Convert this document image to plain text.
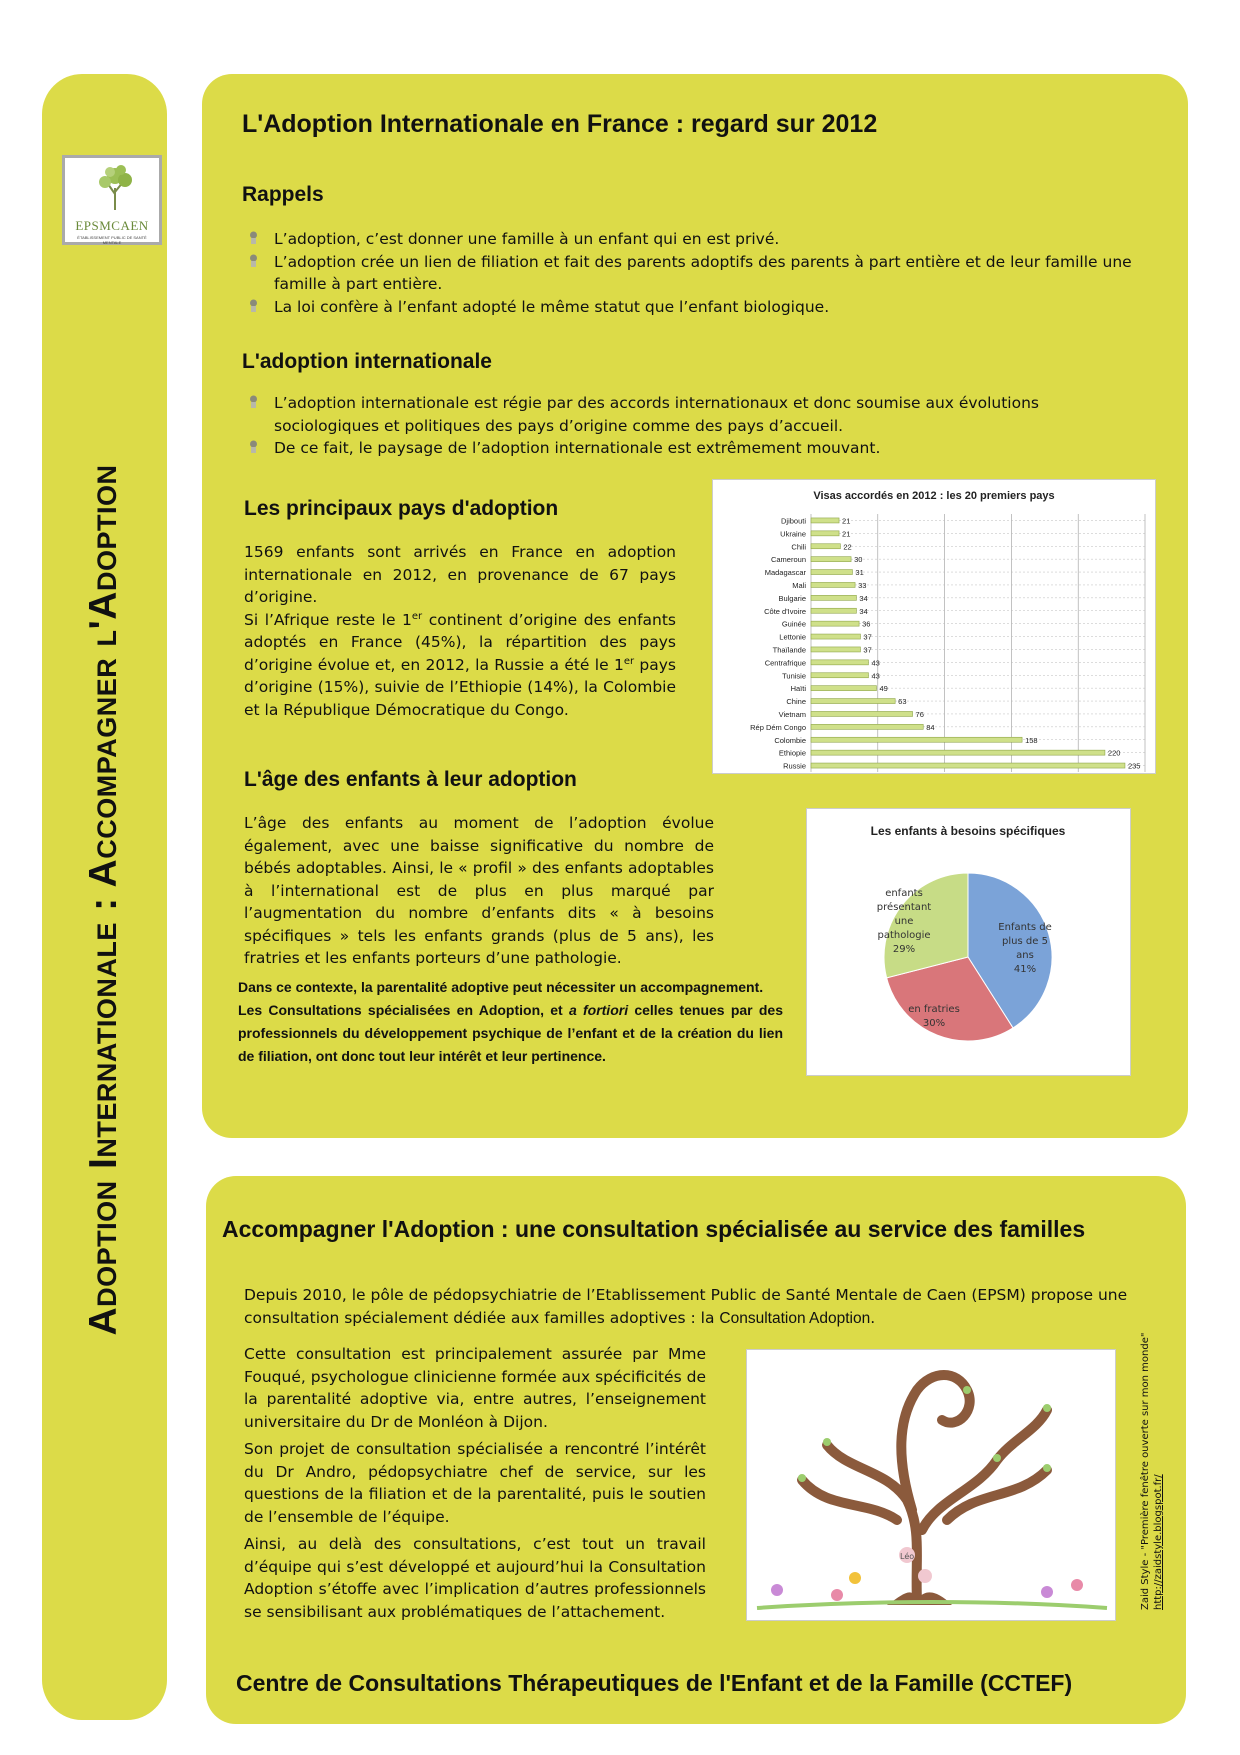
EPSMCAEN
ÉTABLISSEMENT PUBLIC DE SANTÉ MENTALE
Adoption Internationale : Accompagner l'Adoption
L'Adoption Internationale en France : regard sur 2012
Rappels
L’adoption, c’est donner une famille à un enfant qui en est privé.
L’adoption crée un lien de filiation et fait des parents adoptifs des parents à part entière et de leur famille une famille à part entière.
La loi confère à l’enfant adopté le même statut que l’enfant biologique.
L'adoption internationale
L’adoption internationale est régie par des accords internationaux et donc soumise aux évolutions sociologiques et politiques des pays d’origine comme des pays d’accueil.
De ce fait, le paysage de l’adoption internationale est extrêmement mouvant.
Les principaux pays d'adoption
1569 enfants sont arrivés en France en adoption internationale en 2012, en provenance de 67 pays d’origine.
Si l’Afrique reste le 1er continent d’origine des enfants adoptés en France (45%), la répartition des pays d’origine évolue et, en 2012, la Russie a été le 1er pays d’origine (15%), suivie de l’Ethiopie (14%), la Colombie et la République Démocratique du Congo.
L'âge des enfants à leur adoption
L’âge des enfants au moment de l’adoption évolue également, avec une baisse significative du nombre de bébés adoptables. Ainsi, le « profil » des enfants adoptables à l’international est de plus en plus marqué par l’augmentation du nombre d’enfants dits « à besoins spécifiques » tels les enfants grands (plus de 5 ans), les fratries et les enfants porteurs d’une pathologie.
Dans ce contexte, la parentalité adoptive peut nécessiter un accompagnement.
Les Consultations spécialisées en Adoption, et a fortiori celles tenues par des professionnels du développement psychique de l’enfant et de la création du lien de filiation, ont donc tout leur intérêt et leur pertinence.
Visas accordés en 2012 : les 20 premiers pays
Djibouti	21
Ukraine	21
Chili	22
Cameroun	30
Madagascar	31
Mali	33
Bulgarie	34
Côte d'Ivoire	34
Guinée	36
Lettonie	37
Thaïlande	37
Centrafrique	43
Tunisie	43
Haïti	49
Chine	63
Vietnam	76
Rép Dém Congo	84
Colombie	158
Ethiopie	220
Russie	235
Les enfants à besoins spécifiques
Enfants de plus de 5 ans 41%
en fratries 30%
enfants présentant une pathologie 29%
Accompagner l'Adoption : une consultation spécialisée au service des familles
Depuis 2010, le pôle de pédopsychiatrie de l’Etablissement Public de Santé Mentale de Caen (EPSM) propose une consultation spécialement dédiée aux familles adoptives : la Consultation Adoption.
Cette consultation est principalement assurée par Mme Fouqué, psychologue clinicienne formée aux spécificités de la parentalité adoptive via, entre autres, l’enseignement universitaire du Dr de Monléon à Dijon.
Son projet de consultation spécialisée a rencontré l’intérêt du Dr Andro, pédopsychiatre chef de service, sur les questions de la filiation et de la parentalité, puis le soutien de l’ensemble de l’équipe.
Ainsi, au delà des consultations, c’est tout un travail d’équipe qui s’est développé et aujourd’hui la Consultation Adoption s’étoffe avec l’implication d’autres professionnels se sensibilisant aux problématiques de l’attachement.
Léo	Zaid Style - "Première fenêtre ouverte sur mon monde" http://zaidstyle.blogspot.fr/
Centre de Consultations Thérapeutiques de l'Enfant et de la Famille (CCTEF)
